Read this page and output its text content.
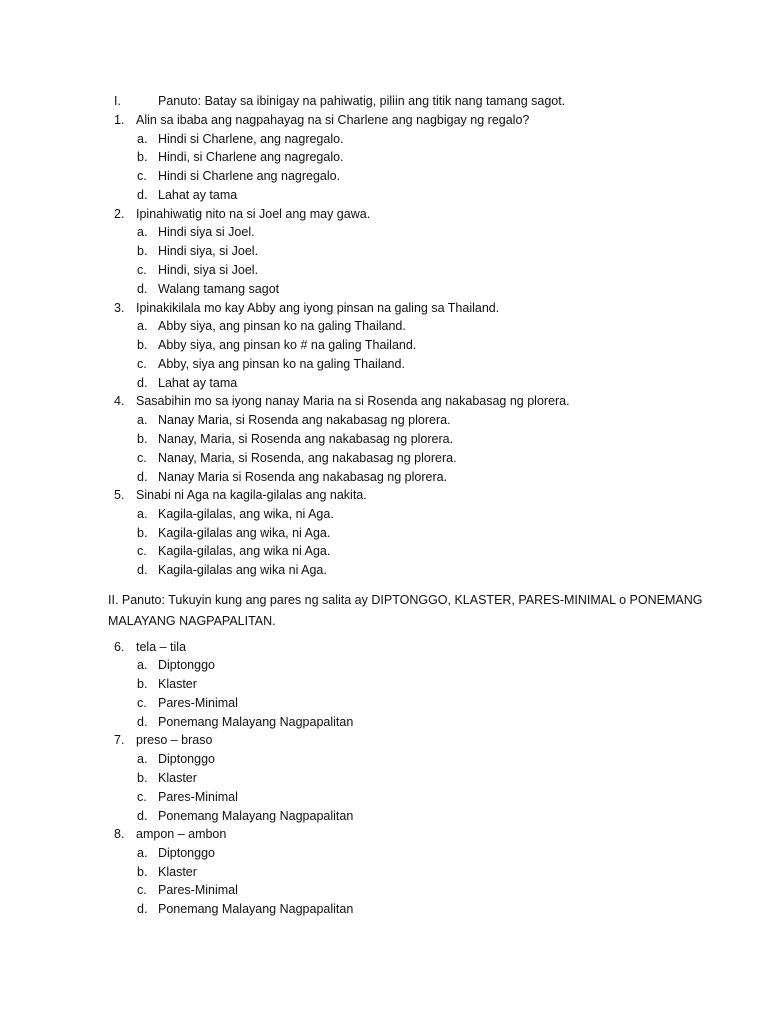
I.	Panuto: Batay sa ibinigay na pahiwatig, piliin ang titik nang tamang sagot.
1. Alin sa ibaba ang nagpahayag na si Charlene ang nagbigay ng regalo?
a. Hindi si Charlene, ang nagregalo.
b. Hindi, si Charlene ang nagregalo.
c. Hindi si Charlene ang nagregalo.
d. Lahat ay tama
2. Ipinahiwatig nito na si Joel ang may gawa.
a. Hindi siya si Joel.
b. Hindi siya, si Joel.
c. Hindi, siya si Joel.
d. Walang tamang sagot
3. Ipinakikilala mo kay Abby ang iyong pinsan na galing sa Thailand.
a. Abby siya, ang pinsan ko na galing Thailand.
b. Abby siya, ang pinsan ko # na galing Thailand.
c. Abby, siya ang pinsan ko na galing Thailand.
d. Lahat ay tama
4. Sasabihin mo sa iyong nanay Maria na si Rosenda ang nakabasag ng plorera.
a. Nanay Maria, si Rosenda ang nakabasag ng plorera.
b. Nanay, Maria, si Rosenda ang nakabasag ng plorera.
c. Nanay, Maria, si Rosenda, ang nakabasag ng plorera.
d. Nanay Maria si Rosenda ang nakabasag ng plorera.
5. Sinabi ni Aga na kagila-gilalas ang nakita.
a. Kagila-gilalas, ang wika, ni Aga.
b. Kagila-gilalas ang wika, ni Aga.
c. Kagila-gilalas, ang wika ni Aga.
d. Kagila-gilalas ang wika ni Aga.
II. Panuto: Tukuyin kung ang pares ng salita ay DIPTONGGO, KLASTER, PARES-MINIMAL o PONEMANG MALAYANG NAGPAPALITAN.
6. tela – tila
a. Diptonggo
b. Klaster
c. Pares-Minimal
d. Ponemang Malayang Nagpapalitan
7. preso – braso
a. Diptonggo
b. Klaster
c. Pares-Minimal
d. Ponemang Malayang Nagpapalitan
8. ampon – ambon
a. Diptonggo
b. Klaster
c. Pares-Minimal
d. Ponemang Malayang Nagpapalitan
